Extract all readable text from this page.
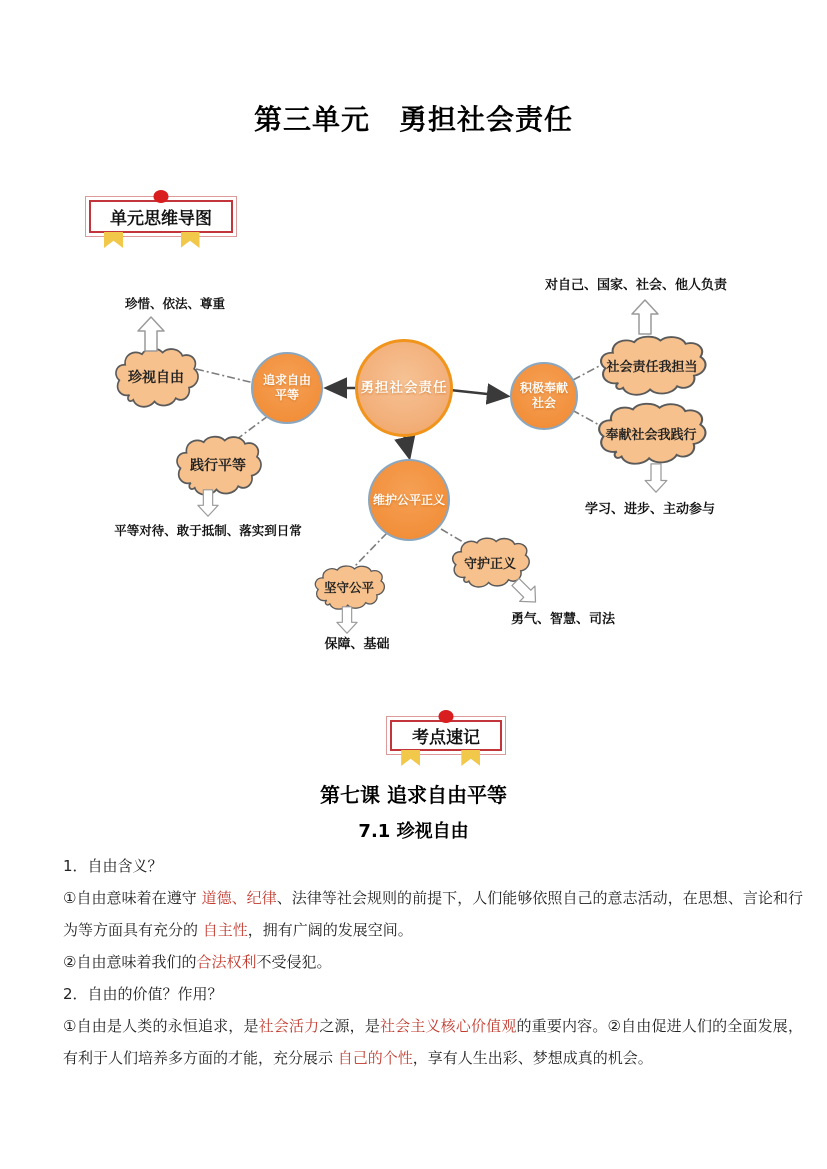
第三单元　勇担社会责任
单元思维导图
勇担社会责任
追求自由
平等	积极奉献
社会
维护公平正义
珍视自由
践行平等
社会责任我担当
奉献社会我践行
坚守公平
守护正义
珍惜、依法、尊重
对自己、国家、社会、他人负责
学习、进步、主动参与
平等对待、敢于抵制、落实到日常
保障、基础
勇气、智慧、司法
考点速记
第七课 追求自由平等
7.1 珍视自由

1．自由含义？

①自由意味着在遵守 道德、纪律、法律等社会规则的前提下，人们能够依照自己的意志活动，在思想、言论和行为等方面具有充分的 自主性，拥有广阔的发展空间。

②自由意味着我们的合法权利不受侵犯。

2．自由的价值？作用？

①自由是人类的永恒追求，是社会活力之源，是社会主义核心价值观的重要内容。②自由促进人们的全面发展，有利于人们培养多方面的才能，充分展示 自己的个性，享有人生出彩、梦想成真的机会。
